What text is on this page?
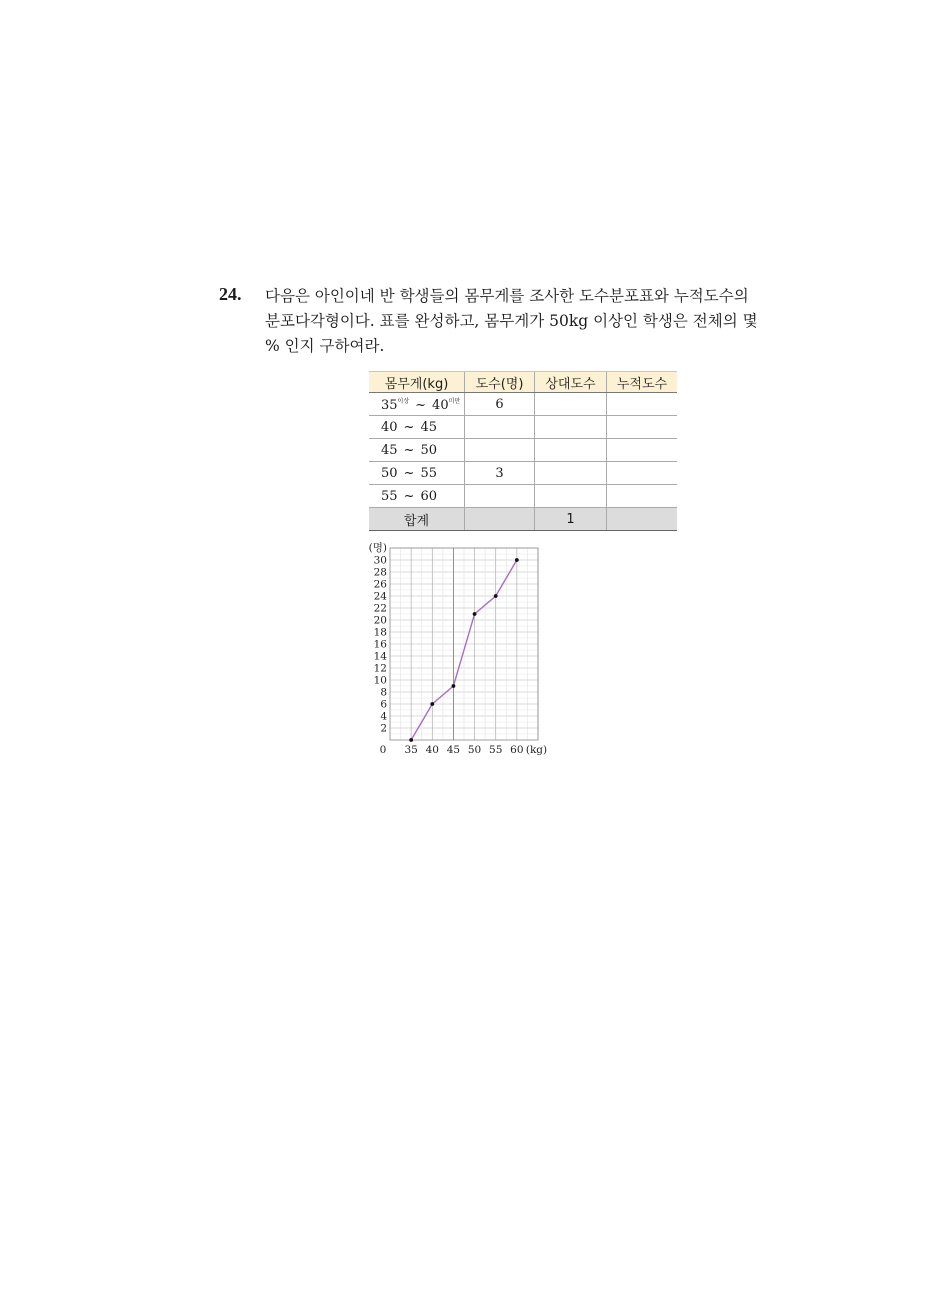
24. 다음은 아인이네 반 학생들의 몸무게를 조사한 도수분포표와 누적도수의
분포다각형이다. 표를 완성하고, 몸무게가 50kg 이상인 학생은 전체의 몇
% 인지 구하여라.
몸무게(kg)	도수(명)	상대도수	누적도수
$35^{이상}$ ~ $40^{미만}$	6		
40 ~ 45			
45 ~ 50			
50 ~ 55	3		
55 ~ 60			
합계		1	
2
4
6
8
10
12
14
16
18
20
22
24
26
28
30
(명)
0 35 40 45 50 55 60 (kg)
